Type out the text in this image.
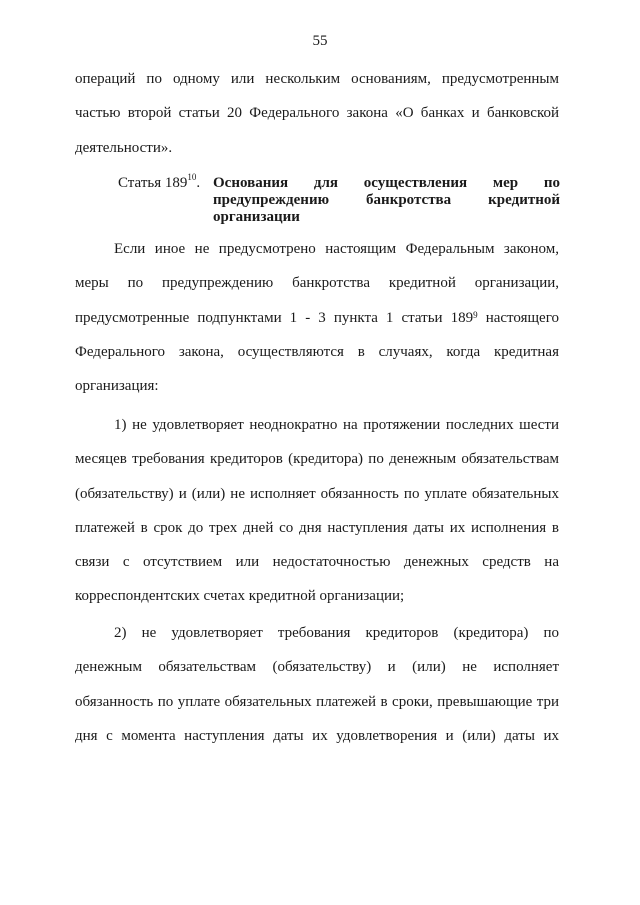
55
операций по одному или нескольким основаниям, предусмотренным
частью второй статьи 20 Федерального закона «О банках и банковской
деятельности».
Статья $189^{10}$. Основания для осуществления мер по
предупреждению банкротства кредитной
организации
Если иное не предусмотрено настоящим Федеральным законом,
меры по предупреждению банкротства кредитной организации,
предусмотренные подпунктами 1 - 3 пункта 1 статьи 189$^9$ настоящего
Федерального закона, осуществляются в случаях, когда кредитная
организация:
1) не удовлетворяет неоднократно на протяжении последних шести
месяцев требования кредиторов (кредитора) по денежным обязательствам
(обязательству) и (или) не исполняет обязанность по уплате обязательных
платежей в срок до трех дней со дня наступления даты их исполнения в
связи с отсутствием или недостаточностью денежных средств на
корреспондентских счетах кредитной организации;
2) не удовлетворяет требования кредиторов (кредитора) по
денежным обязательствам (обязательству) и (или) не исполняет
обязанность по уплате обязательных платежей в сроки, превышающие три
дня с момента наступления даты их удовлетворения и (или) даты их
